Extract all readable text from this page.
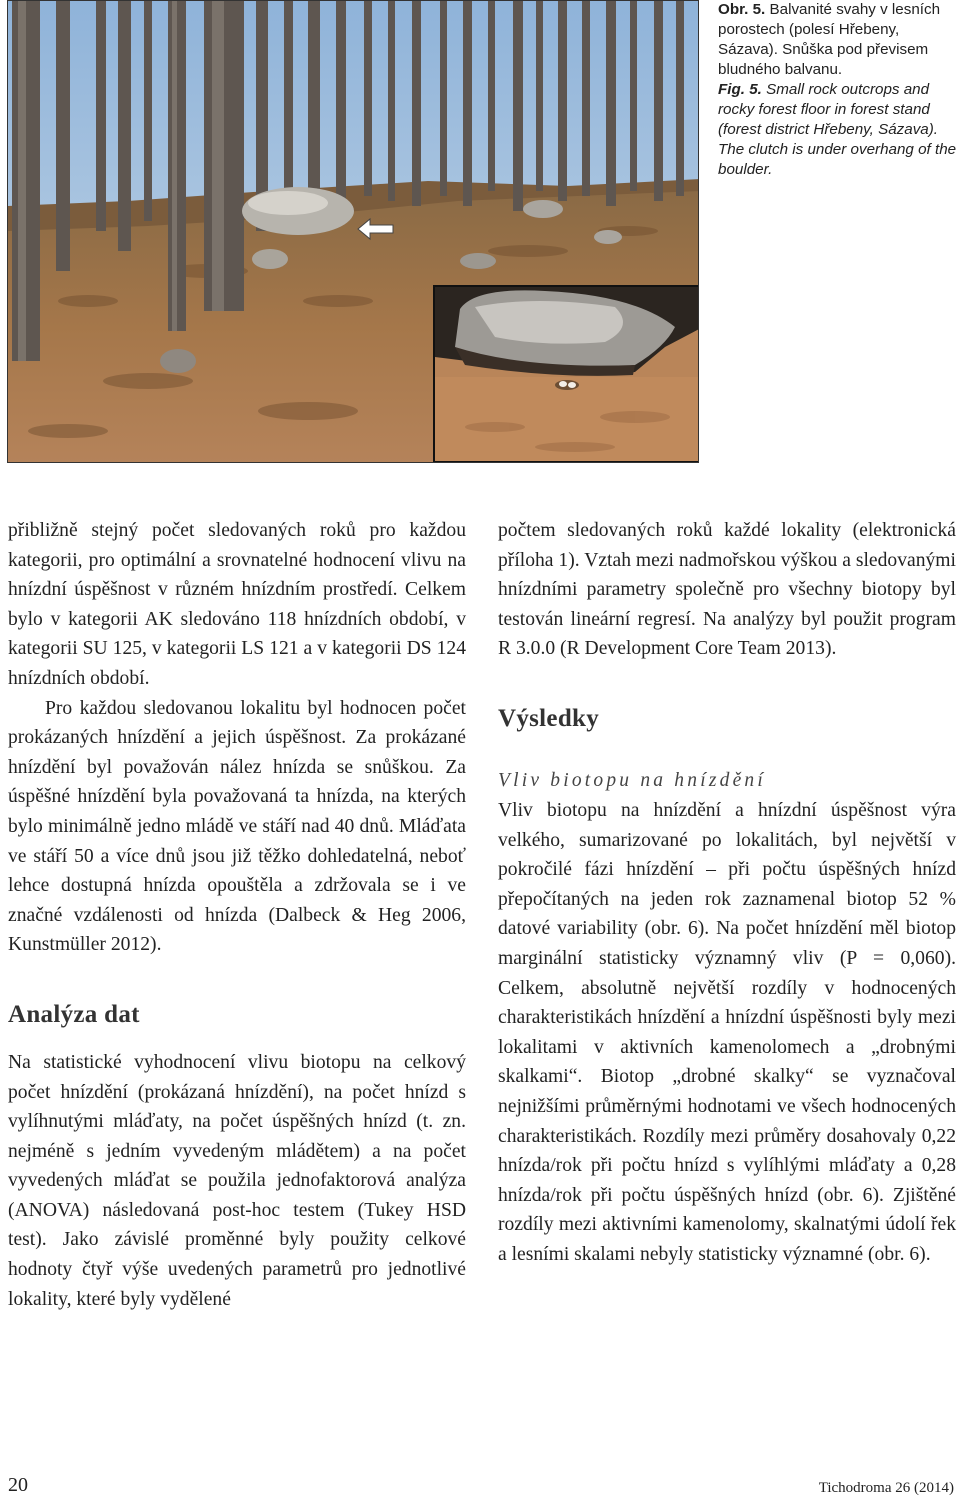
Obr. 5. Balvanité svahy v lesních porostech (polesí Hřebeny, Sázava). Snůška pod převisem bludného balvanu.

Fig. 5. Small rock outcrops and rocky forest floor in forest stand (forest district Hřebeny, Sázava). The clutch is under overhang of the boulder.

přibližně stejný počet sledovaných roků pro každou kategorii, pro optimální a srovnatelné hodnocení vlivu na hnízdní úspěšnost v různém hnízdním prostředí. Celkem bylo v kategorii AK sledováno 118 hnízdních období, v kategorii SU 125, v kategorii LS 121 a v kategorii DS 124 hnízdních období.

Pro každou sledovanou lokalitu byl hodnocen počet prokázaných hnízdění a jejich úspěšnost. Za prokázané hnízdění byl považován nález hnízda se snůškou. Za úspěšné hnízdění byla považovaná ta hnízda, na kterých bylo minimálně jedno mládě ve stáří nad 40 dnů. Mláďata ve stáří 50 a více dnů jsou již těžko dohledatelná, neboť lehce dostupná hnízda opouštěla a zdržovala se i ve značné vzdálenosti od hnízda (Dalbeck & Heg 2006, Kunstmüller 2012).

Analýza dat

Na statistické vyhodnocení vlivu biotopu na celkový počet hnízdění (prokázaná hnízdění), na počet hnízd s vylíhnutými mláďaty, na počet úspěšných hnízd (t. zn. nejméně s jedním vyvedeným mládětem) a na počet vyvedených mláďat se použila jednofaktorová analýza (ANOVA) následovaná post-hoc testem (Tukey HSD test). Jako závislé proměnné byly použity celkové hodnoty čtyř výše uvedených parametrů pro jednotlivé lokality, které byly vydělené

počtem sledovaných roků každé lokality (elektronická příloha 1). Vztah mezi nadmořskou výškou a sledovanými hnízdními parametry společně pro všechny biotopy byl testován lineární regresí. Na analýzy byl použit program R 3.0.0 (R Development Core Team 2013).

Výsledky
Vliv biotopu na hnízdění

Vliv biotopu na hnízdění a hnízdní úspěšnost výra velkého, sumarizované po lokalitách, byl největší v pokročilé fázi hnízdění – při počtu úspěšných hnízd přepočítaných na jeden rok zaznamenal biotop 52 % datové variability (obr. 6). Na počet hnízdění měl biotop marginální statisticky významný vliv (P = 0,060). Celkem, absolutně největší rozdíly v hodnocených charakteristikách hnízdění a hnízdní úspěšnosti byly mezi lokalitami v aktivních kamenolomech a „drobnými skalkami“. Biotop „drobné skalky“ se vyznačoval nejnižšími průměrnými hodnotami ve všech hodnocených charakteristikách. Rozdíly mezi průměry dosahovaly 0,22 hnízda/rok při počtu hnízd s vylíhlými mláďaty a 0,28 hnízda/rok při počtu úspěšných hnízd (obr. 6). Zjištěné rozdíly mezi aktivními kamenolomy, skalnatými údolí řek a lesními skalami nebyly statisticky významné (obr. 6).

20	Tichodroma 26 (2014)
